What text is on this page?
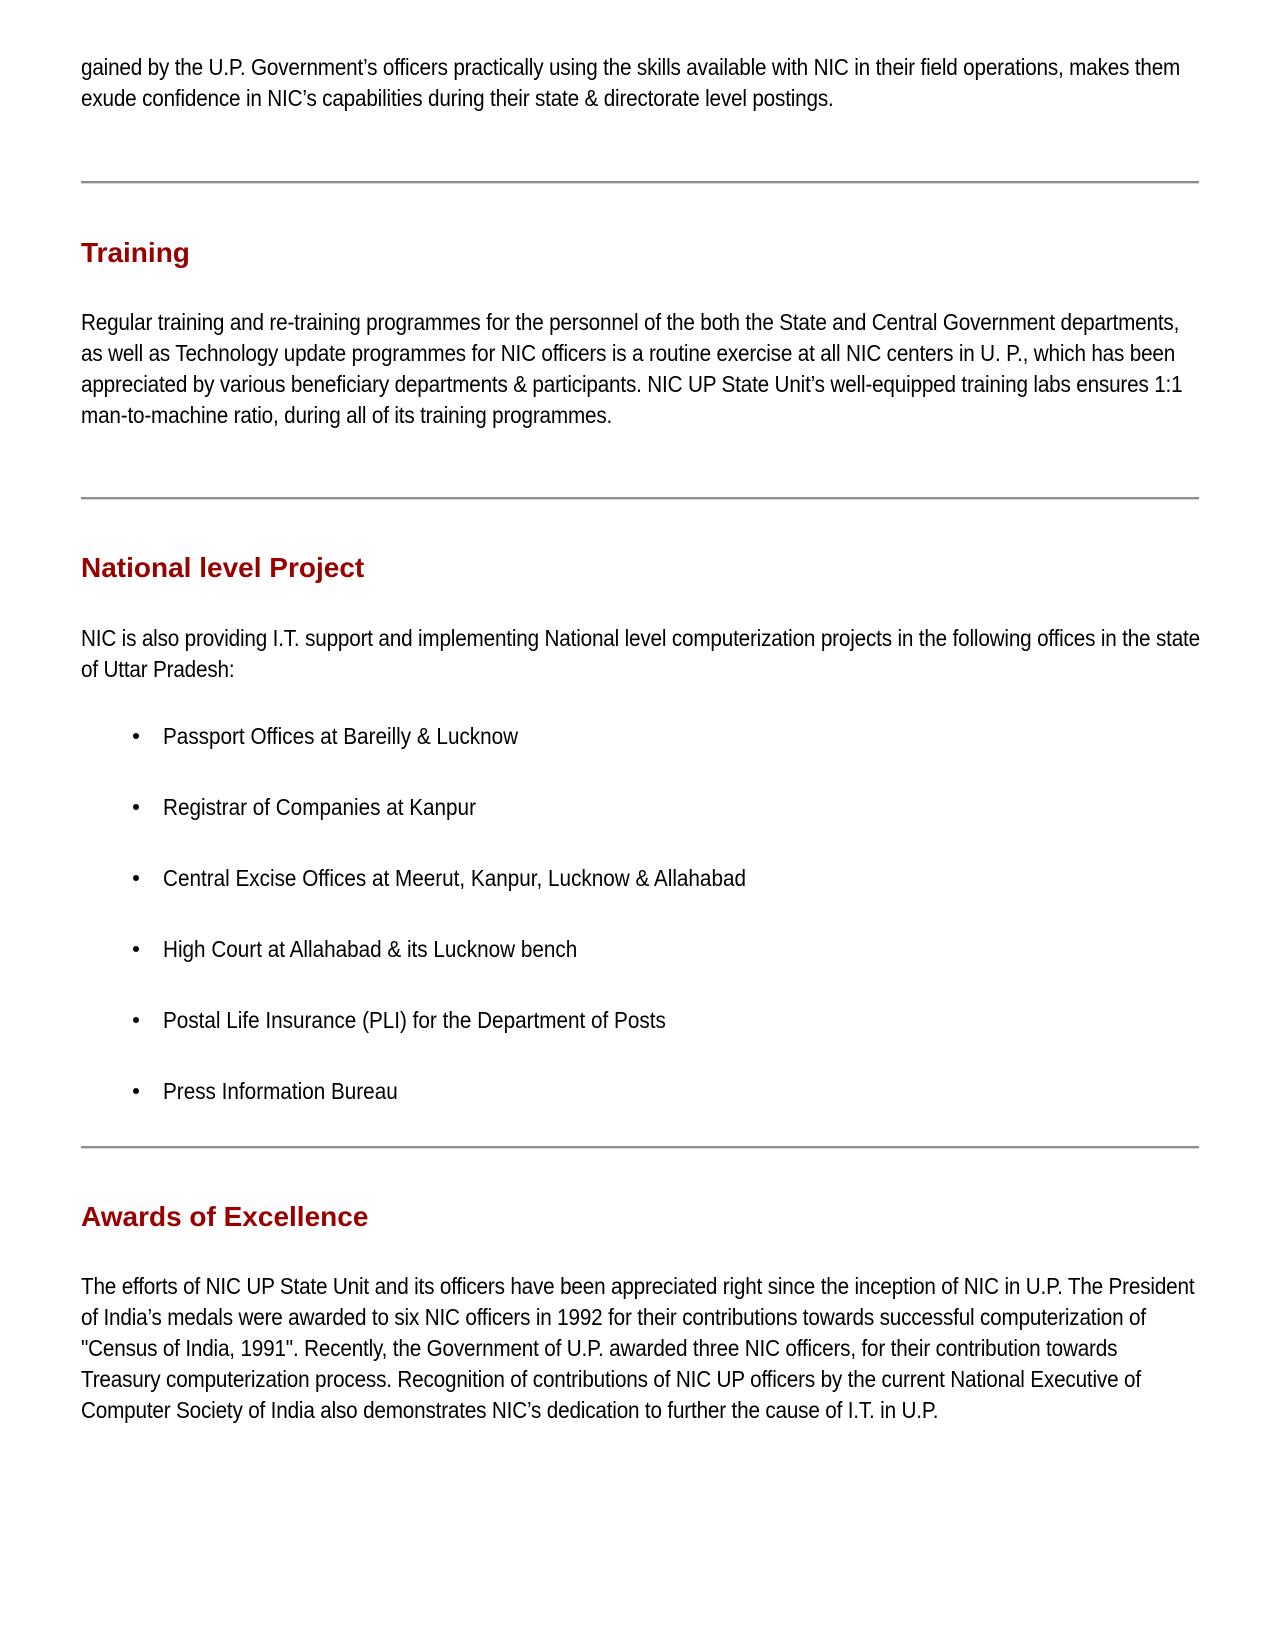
gained by the U.P. Government’s officers practically using the skills available with NIC in their field operations, makes them exude confidence in NIC’s capabilities during their state & directorate level postings.

Training

Regular training and re-training programmes for the personnel of the both the State and Central Government departments, as well as Technology update programmes for NIC officers is a routine exercise at all NIC centers in U. P., which has been appreciated by various beneficiary departments & participants. NIC UP State Unit’s well-equipped training labs ensures 1:1 man-to-machine ratio, during all of its training programmes.

National level Project

NIC is also providing I.T. support and implementing National level computerization projects in the following offices in the state of Uttar Pradesh:

Passport Offices at Bareilly & Lucknow
Registrar of Companies at Kanpur
Central Excise Offices at Meerut, Kanpur, Lucknow & Allahabad
High Court at Allahabad & its Lucknow bench
Postal Life Insurance (PLI) for the Department of Posts
Press Information Bureau
Awards of Excellence

The efforts of NIC UP State Unit and its officers have been appreciated right since the inception of NIC in U.P. The President of India’s medals were awarded to six NIC officers in 1992 for their contributions towards successful computerization of "Census of India, 1991". Recently, the Government of U.P. awarded three NIC officers, for their contribution towards Treasury computerization process. Recognition of contributions of NIC UP officers by the current National Executive of Computer Society of India also demonstrates NIC’s dedication to further the cause of I.T. in U.P.
